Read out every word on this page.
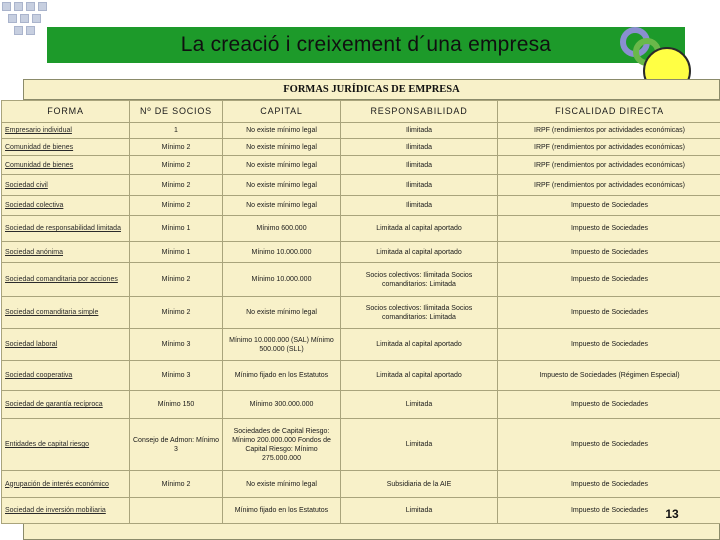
La creació i creixement d´una empresa
FORMAS JURÍDICAS DE EMPRESA
FORMA	Nº DE SOCIOS	CAPITAL	RESPONSABILIDAD	FISCALIDAD DIRECTA
Empresario individual	1	No existe mínimo legal	Ilimitada	IRPF (rendimientos por actividades económicas)
Comunidad de bienes	Mínimo 2	No existe mínimo legal	Ilimitada	IRPF (rendimientos por actividades económicas)
Comunidad de bienes	Mínimo 2	No existe mínimo legal	Ilimitada	IRPF (rendimientos por actividades económicas)
Sociedad civil	Mínimo 2	No existe mínimo legal	Ilimitada	IRPF (rendimientos por actividades económicas)
Sociedad colectiva	Mínimo 2	No existe mínimo legal	Ilimitada	Impuesto de Sociedades
Sociedad de responsabilidad limitada	Mínimo 1	Mínimo 600.000	Limitada al capital aportado	Impuesto de Sociedades
Sociedad anónima	Mínimo 1	Mínimo 10.000.000	Limitada al capital aportado	Impuesto de Sociedades
Sociedad comanditaria por acciones	Mínimo 2	Mínimo 10.000.000	Socios colectivos: Ilimitada Socios comanditarios: Limitada	Impuesto de Sociedades
Sociedad comanditaria simple	Mínimo 2	No existe mínimo legal	Socios colectivos: Ilimitada Socios comanditarios: Limitada	Impuesto de Sociedades
Sociedad laboral	Mínimo 3	Mínimo 10.000.000 (SAL) Mínimo 500.000 (SLL)	Limitada al capital aportado	Impuesto de Sociedades
Sociedad cooperativa	Mínimo 3	Mínimo fijado en los Estatutos	Limitada al capital aportado	Impuesto de Sociedades (Régimen Especial)
Sociedad de garantía recíproca	Mínimo 150	Mínimo 300.000.000	Limitada	Impuesto de Sociedades
Entidades de capital riesgo	Consejo de Admon: Mínimo 3	Sociedades de Capital Riesgo: Mínimo 200.000.000 Fondos de Capital Riesgo: Mínimo 275.000.000	Limitada	Impuesto de Sociedades
Agrupación de interés económico	Mínimo 2	No existe mínimo legal	Subsidiaria de la AIE	Impuesto de Sociedades
Sociedad de inversión mobiliaria		Mínimo fijado en los Estatutos	Limitada	Impuesto de Sociedades	13
